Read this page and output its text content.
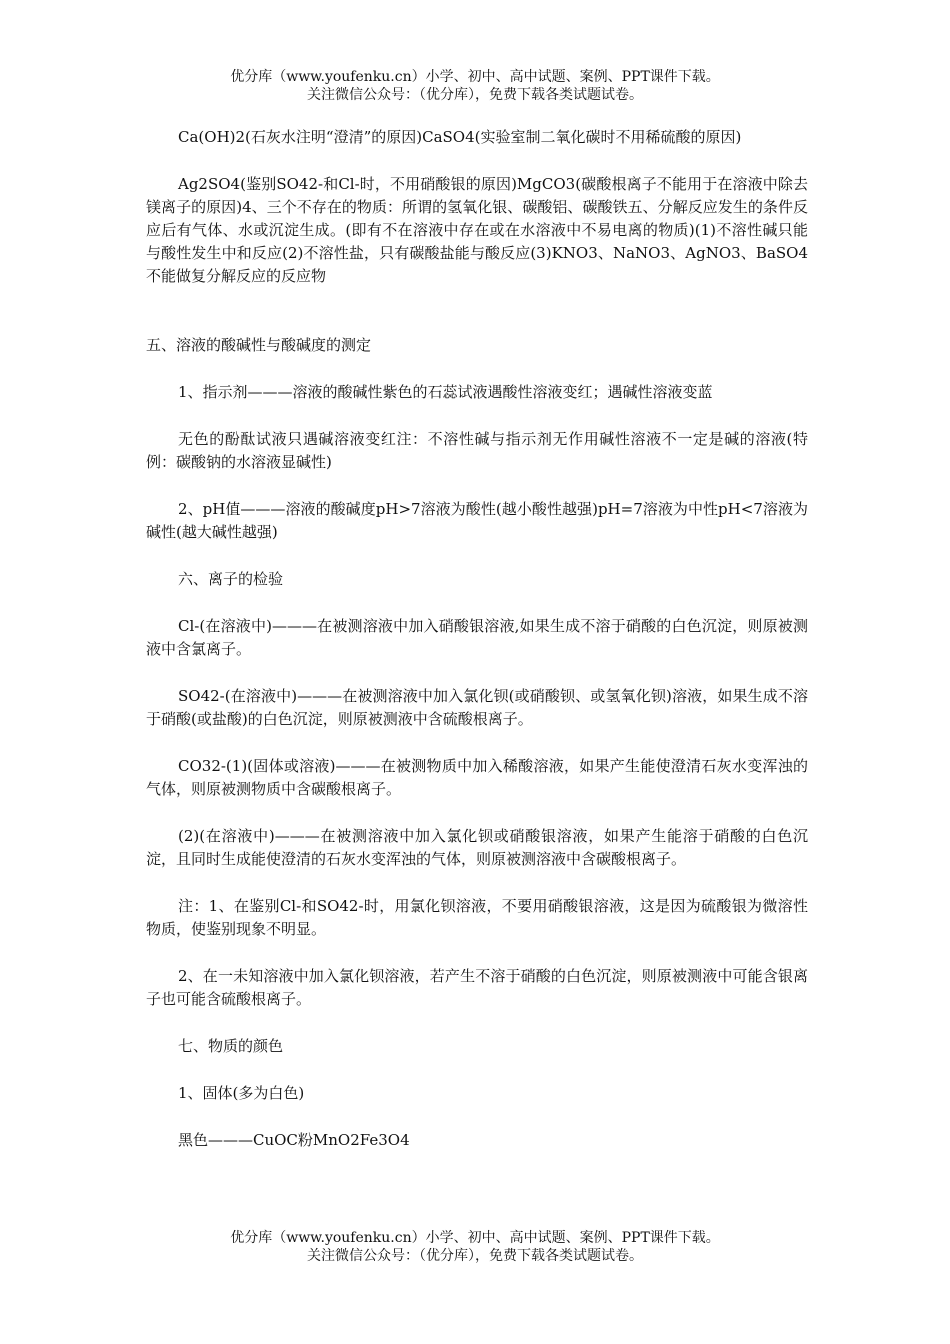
优分库（www.youfenku.cn）小学、初中、高中试题、案例、PPT课件下载。
关注微信公众号：（优分库），免费下载各类试题试卷。

Ca(OH)2(石灰水注明“澄清”的原因)CaSO4(实验室制二氧化碳时不用稀硫酸的原因)

Ag2SO4(鉴别SO42-和Cl-时，不用硝酸银的原因)MgCO3(碳酸根离子不能用于在溶液中除去镁离子的原因)4、三个不存在的物质：所谓的氢氧化银、碳酸铝、碳酸铁五、分解反应发生的条件反应后有气体、水或沉淀生成。(即有不在溶液中存在或在水溶液中不易电离的物质)(1)不溶性碱只能与酸性发生中和反应(2)不溶性盐，只有碳酸盐能与酸反应(3)KNO3、NaNO3、AgNO3、BaSO4不能做复分解反应的反应物

五、溶液的酸碱性与酸碱度的测定

1、指示剂———溶液的酸碱性紫色的石蕊试液遇酸性溶液变红；遇碱性溶液变蓝

无色的酚酞试液只遇碱溶液变红注：不溶性碱与指示剂无作用碱性溶液不一定是碱的溶液(特例：碳酸钠的水溶液显碱性)

2、pH值———溶液的酸碱度pH>7溶液为酸性(越小酸性越强)pH=7溶液为中性pH<7溶液为碱性(越大碱性越强)

六、离子的检验

Cl-(在溶液中)———在被测溶液中加入硝酸银溶液,如果生成不溶于硝酸的白色沉淀，则原被测液中含氯离子。

SO42-(在溶液中)———在被测溶液中加入氯化钡(或硝酸钡、或氢氧化钡)溶液，如果生成不溶于硝酸(或盐酸)的白色沉淀，则原被测液中含硫酸根离子。

CO32-(1)(固体或溶液)———在被测物质中加入稀酸溶液，如果产生能使澄清石灰水变浑浊的气体，则原被测物质中含碳酸根离子。

(2)(在溶液中)———在被测溶液中加入氯化钡或硝酸银溶液，如果产生能溶于硝酸的白色沉淀，且同时生成能使澄清的石灰水变浑浊的气体，则原被测溶液中含碳酸根离子。

注：1、在鉴别Cl-和SO42-时，用氯化钡溶液，不要用硝酸银溶液，这是因为硫酸银为微溶性物质，使鉴别现象不明显。

2、在一未知溶液中加入氯化钡溶液，若产生不溶于硝酸的白色沉淀，则原被测液中可能含银离子也可能含硫酸根离子。

七、物质的颜色

1、固体(多为白色)

黑色———CuOC粉MnO2Fe3O4

优分库（www.youfenku.cn）小学、初中、高中试题、案例、PPT课件下载。
关注微信公众号：（优分库），免费下载各类试题试卷。
